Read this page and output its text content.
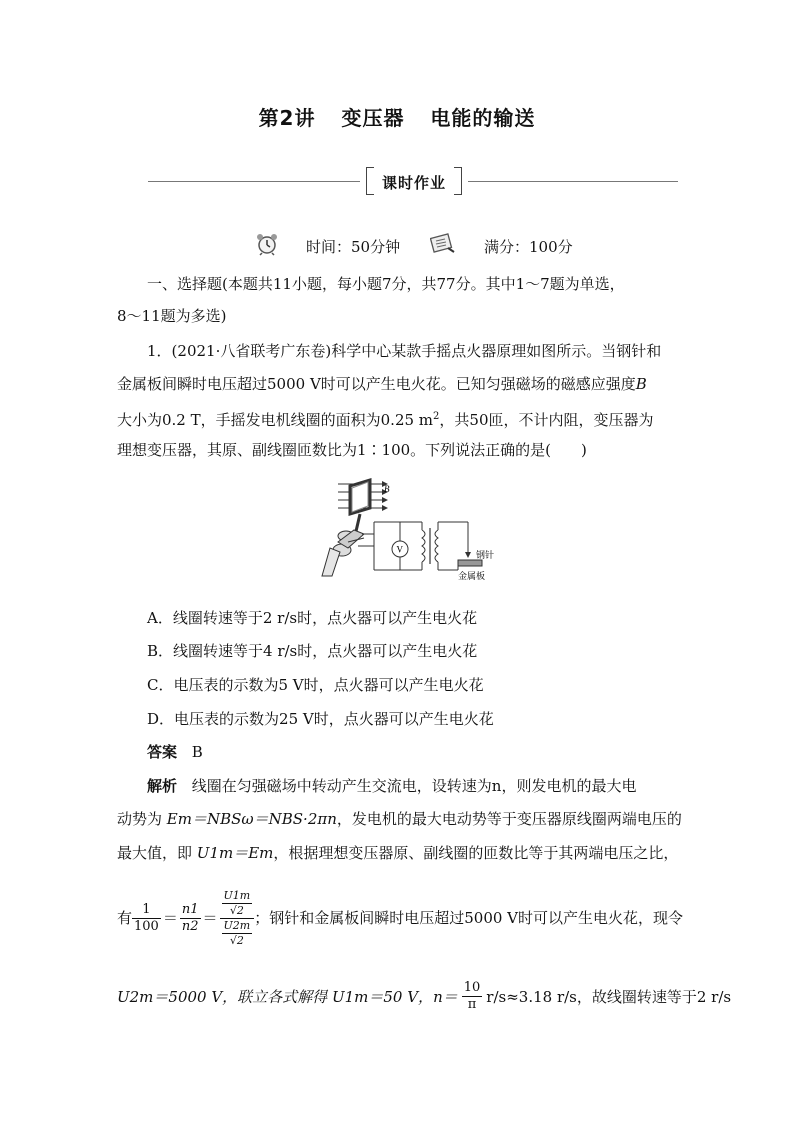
第2讲 变压器 电能的输送
课时作业
时间：50分钟	满分：100分
一、选择题(本题共11小题，每小题7分，共77分。其中1～7题为单选，
8～11题为多选)
1．(2021·八省联考广东卷)科学中心某款手摇点火器原理如图所示。当钢针和
金属板间瞬时电压超过5000 V时可以产生电火花。已知匀强磁场的磁感应强度B
大小为0.2 T，手摇发电机线圈的面积为0.25 $m^2$，共50匝，不计内阻，变压器为
理想变压器，其原、副线圈匝数比为1∶100。下列说法正确的是(　　)
B
V
钢针
金属板
A．线圈转速等于2 r/s时，点火器可以产生电火花
B．线圈转速等于4 r/s时，点火器可以产生电火花
C．电压表的示数为5 V时，点火器可以产生电火花
D．电压表的示数为25 V时，点火器可以产生电火花
答案 B
解析 线圈在匀强磁场中转动产生交流电，设转速为n，则发电机的最大电
动势为 Em＝NBSω＝NBS·2πn，发电机的最大电动势等于变压器原线圈两端电压的
最大值，即 U1m＝Em，根据理想变压器原、副线圈的匝数比等于其两端电压之比，
有 $\frac{1}{100} = \frac{n1}{n2} = \frac{\frac{U1m}{√2}}{\frac{U2m}{√2}}$ ；钢针和金属板间瞬时电压超过5000 V时可以产生电火花，现令
U2m＝5000 V，联立各式解得 U1m＝50 V， $n= \frac{10}{\pi} r/s\approx 3.18$ r/s，故线圈转速等于2 r/s
